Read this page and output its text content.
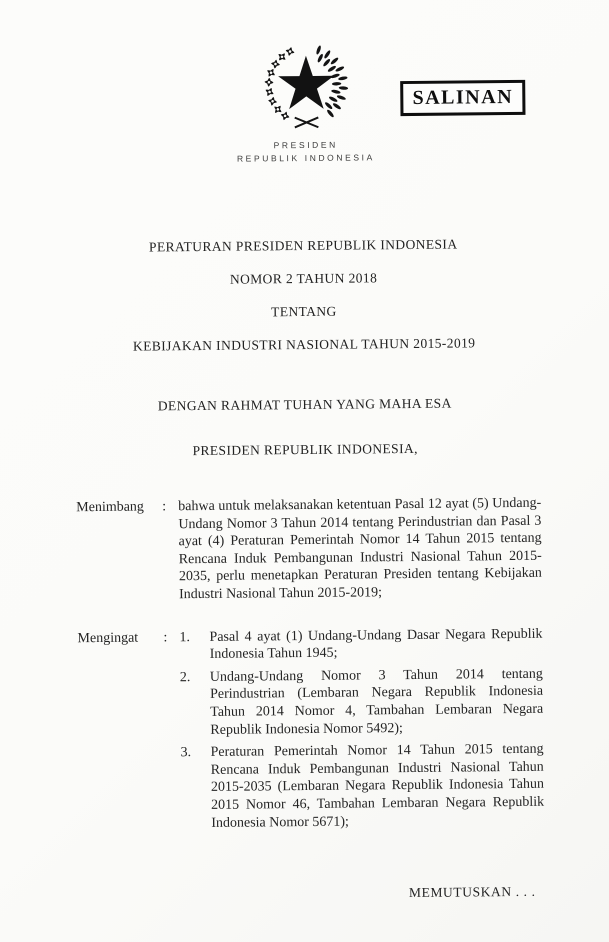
SALINAN
PRESIDEN
REPUBLIK INDONESIA
PERATURAN PRESIDEN REPUBLIK INDONESIA
NOMOR 2 TAHUN 2018
TENTANG
KEBIJAKAN INDUSTRI NASIONAL TAHUN 2015-2019
DENGAN RAHMAT TUHAN YANG MAHA ESA
PRESIDEN REPUBLIK INDONESIA,
Menimbang	: bahwa untuk melaksanakan ketentuan Pasal 12 ayat (5) Undang-Undang Nomor 3 Tahun 2014 tentang Perindustrian dan Pasal 3 ayat (4) Peraturan Pemerintah Nomor 14 Tahun 2015 tentang Rencana Induk Pembangunan Industri Nasional Tahun 2015-2035, perlu menetapkan Peraturan Presiden tentang Kebijakan Industri Nasional Tahun 2015-2019;
Mengingat	: 1.	Pasal 4 ayat (1) Undang-Undang Dasar Negara Republik Indonesia Tahun 1945;
2.	Undang-Undang Nomor 3 Tahun 2014 tentang Perindustrian (Lembaran Negara Republik Indonesia Tahun 2014 Nomor 4, Tambahan Lembaran Negara Republik Indonesia Nomor 5492);
3.	Peraturan Pemerintah Nomor 14 Tahun 2015 tentang Rencana Induk Pembangunan Industri Nasional Tahun 2015-2035 (Lembaran Negara Republik Indonesia Tahun 2015 Nomor 46, Tambahan Lembaran Negara Republik Indonesia Nomor 5671);
MEMUTUSKAN . . .
